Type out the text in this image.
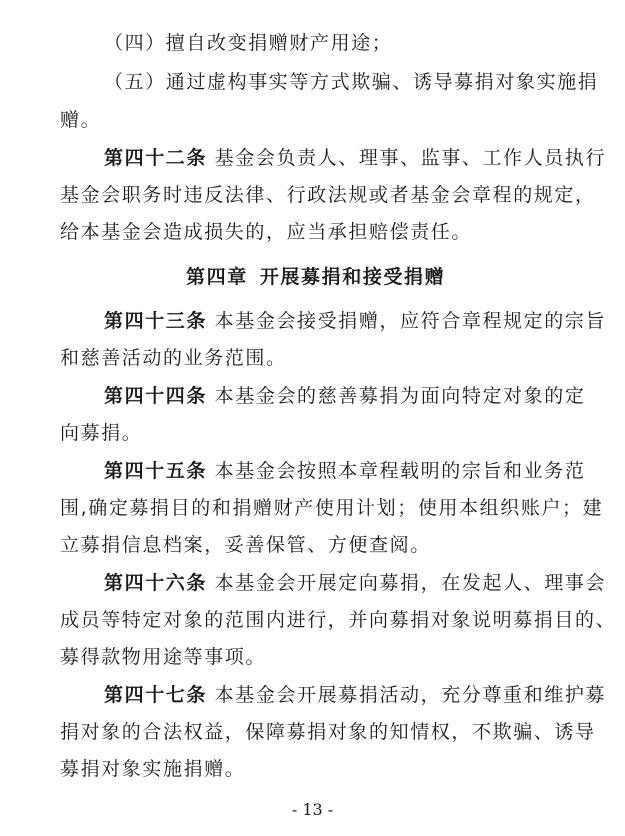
（四）擅自改变捐赠财产用途；
（五）通过虚构事实等方式欺骗、诱导募捐对象实施捐
赠。
第四十二条 基金会负责人、理事、监事、工作人员执行
基金会职务时违反法律、行政法规或者基金会章程的规定，
给本基金会造成损失的，应当承担赔偿责任。
第四章 开展募捐和接受捐赠
第四十三条 本基金会接受捐赠，应符合章程规定的宗旨
和慈善活动的业务范围。
第四十四条 本基金会的慈善募捐为面向特定对象的定
向募捐。
第四十五条 本基金会按照本章程载明的宗旨和业务范
围,确定募捐目的和捐赠财产使用计划；使用本组织账户；建
立募捐信息档案，妥善保管、方便查阅。
第四十六条 本基金会开展定向募捐，在发起人、理事会
成员等特定对象的范围内进行，并向募捐对象说明募捐目的、
募得款物用途等事项。
第四十七条 本基金会开展募捐活动，充分尊重和维护募
捐对象的合法权益，保障募捐对象的知情权，不欺骗、诱导
募捐对象实施捐赠。
- 13 -
